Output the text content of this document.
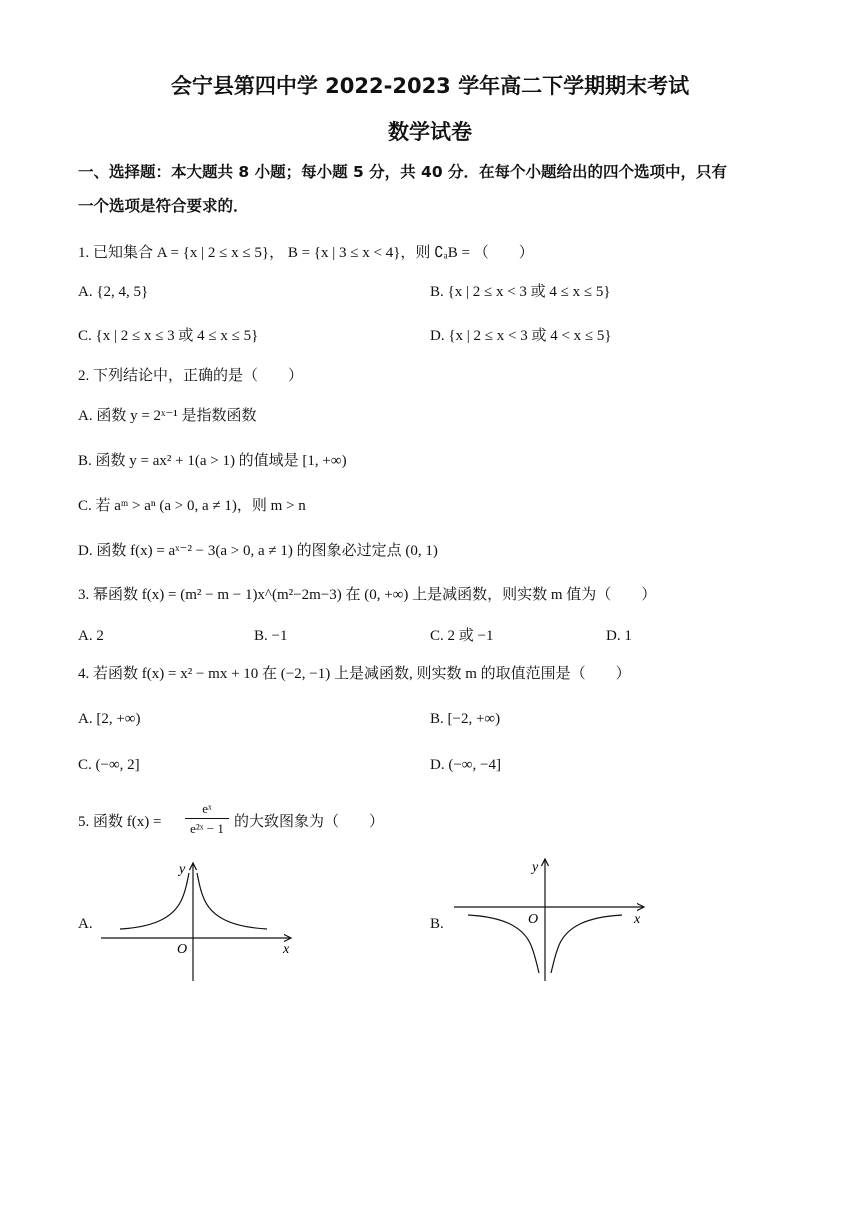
会宁县第四中学 2022-2023 学年高二下学期期末考试
数学试卷
一、选择题：本大题共 8 小题；每小题 5 分，共 40 分．在每个小题给出的四个选项中，只有
一个选项是符合要求的．
1. 已知集合 A = {x | 2 ≤ x ≤ 5}， B = {x | 3 ≤ x < 4}，则 ∁ₐB = （　　）
A. {2, 4, 5}	B. {x | 2 ≤ x < 3 或 4 ≤ x ≤ 5}
C. {x | 2 ≤ x ≤ 3 或 4 ≤ x ≤ 5}	D. {x | 2 ≤ x < 3 或 4 < x ≤ 5}
2. 下列结论中，正确的是（　　）
A. 函数 y = 2ˣ⁻¹ 是指数函数
B. 函数 y = ax² + 1(a > 1) 的值域是 [1, +∞)
C. 若 aᵐ > aⁿ (a > 0, a ≠ 1)，则 m > n
D. 函数 f(x) = aˣ⁻² − 3(a > 0, a ≠ 1) 的图象必过定点 (0, 1)
3. 幂函数 f(x) = (m² − m − 1)x^(m²−2m−3) 在 (0, +∞) 上是减函数，则实数 m 值为（　　）
A. 2	B. −1	C. 2 或 −1	D. 1
4. 若函数 f(x) = x² − mx + 10 在 (−2, −1) 上是减函数, 则实数 m 的取值范围是（　　）
A. [2, +∞)	B. [−2, +∞)
C. (−∞, 2]	D. (−∞, −4]
5. 函数 f(x) =
eˣ
e²ˣ − 1 的大致图象为（　　）
A.	B.
y
O	x
y
O	x
